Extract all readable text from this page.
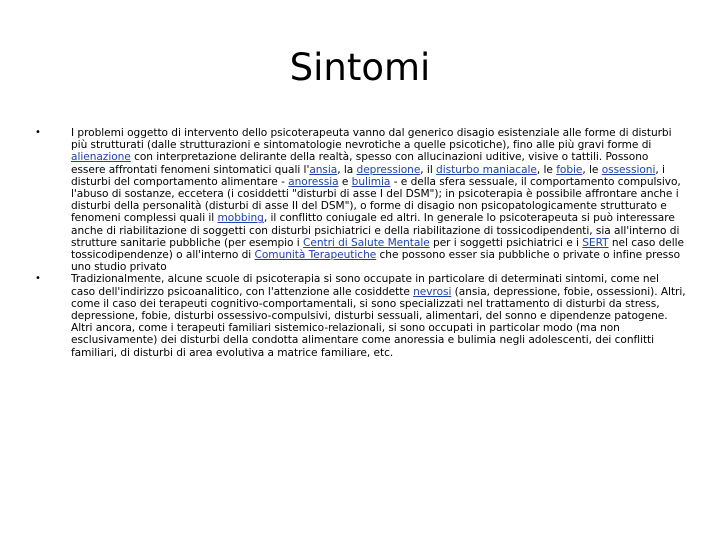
Sintomi
•	I problemi oggetto di intervento dello psicoterapeuta vanno dal generico disagio esistenziale alle forme di disturbi più strutturati (dalle strutturazioni e sintomatologie nevrotiche a quelle psicotiche), fino alle più gravi forme di alienazione con interpretazione delirante della realtà, spesso con allucinazioni uditive, visive o tattili. Possono essere affrontati fenomeni sintomatici quali l'ansia, la depressione, il disturbo maniacale, le fobie, le ossessioni, i disturbi del comportamento alimentare - anoressia e bulimia - e della sfera sessuale, il comportamento compulsivo, l'abuso di sostanze, eccetera (i cosiddetti "disturbi di asse I del DSM"); in psicoterapia è possibile affrontare anche i disturbi della personalità (disturbi di asse II del DSM"), o forme di disagio non psicopatologicamente strutturato e fenomeni complessi quali il mobbing, il conflitto coniugale ed altri. In generale lo psicoterapeuta si può interessare anche di riabilitazione di soggetti con disturbi psichiatrici e della riabilitazione di tossicodipendenti, sia all'interno di strutture sanitarie pubbliche (per esempio i Centri di Salute Mentale per i soggetti psichiatrici e i SERT nel caso delle tossicodipendenze) o all'interno di Comunità Terapeutiche che possono esser sia pubbliche o private o infine presso uno studio privato
•	Tradizionalmente, alcune scuole di psicoterapia si sono occupate in particolare di determinati sintomi, come nel caso dell'indirizzo psicoanalitico, con l'attenzione alle cosiddette nevrosi (ansia, depressione, fobie, ossessioni). Altri, come il caso dei terapeuti cognitivo-comportamentali, si sono specializzati nel trattamento di disturbi da stress, depressione, fobie, disturbi ossessivo-compulsivi, disturbi sessuali, alimentari, del sonno e dipendenze patogene. Altri ancora, come i terapeuti familiari sistemico-relazionali, si sono occupati in particolar modo (ma non esclusivamente) dei disturbi della condotta alimentare come anoressia e bulimia negli adolescenti, dei conflitti familiari, di disturbi di area evolutiva a matrice familiare, etc.
